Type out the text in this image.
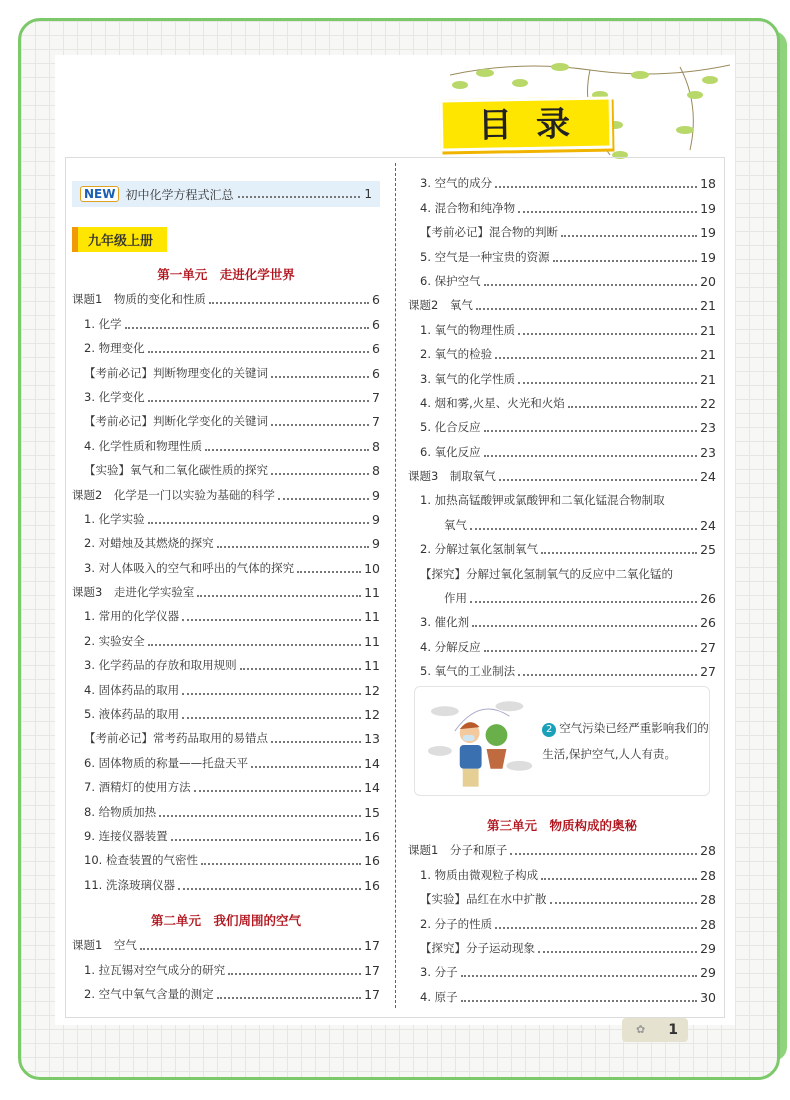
目录
NEW 初中化学方程式汇总	1
九年级上册
第一单元　走进化学世界
课题1　物质的变化和性质	6
1. 化学	6
2. 物理变化	6
【考前必记】判断物理变化的关键词	6
3. 化学变化	7
【考前必记】判断化学变化的关键词	7
4. 化学性质和物理性质	8
【实验】氧气和二氧化碳性质的探究	8
课题2　化学是一门以实验为基础的科学	9
1. 化学实验	9
2. 对蜡烛及其燃烧的探究	9
3. 对人体吸入的空气和呼出的气体的探究	10
课题3　走进化学实验室	11
1. 常用的化学仪器	11
2. 实验安全	11
3. 化学药品的存放和取用规则	11
4. 固体药品的取用	12
5. 液体药品的取用	12
【考前必记】常考药品取用的易错点	13
6. 固体物质的称量——托盘天平	14
7. 酒精灯的使用方法	14
8. 给物质加热	15
9. 连接仪器装置	16
10. 检查装置的气密性	16
11. 洗涤玻璃仪器	16
第二单元　我们周围的空气
课题1　空气	17
1. 拉瓦锡对空气成分的研究	17
2. 空气中氧气含量的测定	17
3. 空气的成分	18
4. 混合物和纯净物	19
【考前必记】混合物的判断	19
5. 空气是一种宝贵的资源	19
6. 保护空气	20
课题2　氧气	21
1. 氧气的物理性质	21
2. 氧气的检验	21
3. 氧气的化学性质	21
4. 烟和雾,火星、火光和火焰	22
5. 化合反应	23
6. 氧化反应	23
课题3　制取氧气	24
1. 加热高锰酸钾或氯酸钾和二氧化锰混合物制取
氧气	24
2. 分解过氧化氢制氧气	25
【探究】分解过氧化氢制氧气的反应中二氧化锰的
作用	26
3. 催化剂	26
4. 分解反应	27
5. 氧气的工业制法	27
2 空气污染已经严重影响我们的生活,保护空气,人人有责。
第三单元　物质构成的奥秘
课题1　分子和原子	28
1. 物质由微观粒子构成	28
【实验】品红在水中扩散	28
2. 分子的性质	28
【探究】分子运动现象	29
3. 分子	29
4. 原子	30
✿ 1
